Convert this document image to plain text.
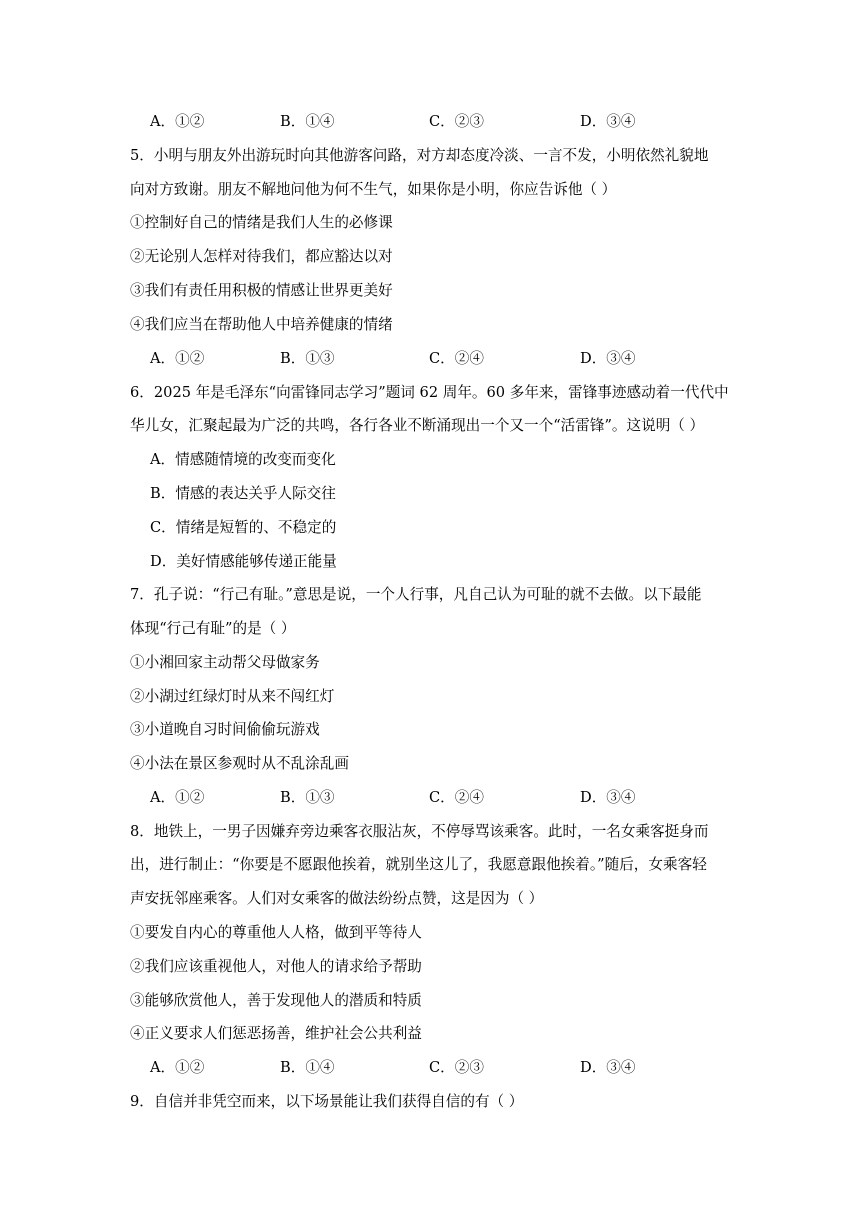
A．①②	B．①④	C．②③	D．③④
5．小明与朋友外出游玩时向其他游客问路，对方却态度冷淡、一言不发，小明依然礼貌地
向对方致谢。朋友不解地问他为何不生气，如果你是小明，你应告诉他（ ）
①控制好自己的情绪是我们人生的必修课
②无论别人怎样对待我们，都应豁达以对
③我们有责任用积极的情感让世界更美好
④我们应当在帮助他人中培养健康的情绪
A．①②	B．①③	C．②④	D．③④
6．2025 年是毛泽东“向雷锋同志学习”题词 62 周年。60 多年来，雷锋事迹感动着一代代中
华儿女，汇聚起最为广泛的共鸣，各行各业不断涌现出一个又一个“活雷锋”。这说明（ ）
A．情感随情境的改变而变化
B．情感的表达关乎人际交往
C．情绪是短暂的、不稳定的
D．美好情感能够传递正能量
7．孔子说：“行己有耻。”意思是说，一个人行事，凡自己认为可耻的就不去做。以下最能
体现“行己有耻”的是（ ）
①小湘回家主动帮父母做家务
②小湖过红绿灯时从来不闯红灯
③小道晚自习时间偷偷玩游戏
④小法在景区参观时从不乱涂乱画
A．①②	B．①③	C．②④	D．③④
8．地铁上，一男子因嫌弃旁边乘客衣服沾灰，不停辱骂该乘客。此时，一名女乘客挺身而
出，进行制止：“你要是不愿跟他挨着，就别坐这儿了，我愿意跟他挨着。”随后，女乘客轻
声安抚邻座乘客。人们对女乘客的做法纷纷点赞，这是因为（ ）
①要发自内心的尊重他人人格，做到平等待人
②我们应该重视他人，对他人的请求给予帮助
③能够欣赏他人，善于发现他人的潜质和特质
④正义要求人们惩恶扬善，维护社会公共利益
A．①②	B．①④	C．②③	D．③④
9．自信并非凭空而来，以下场景能让我们获得自信的有（ ）
